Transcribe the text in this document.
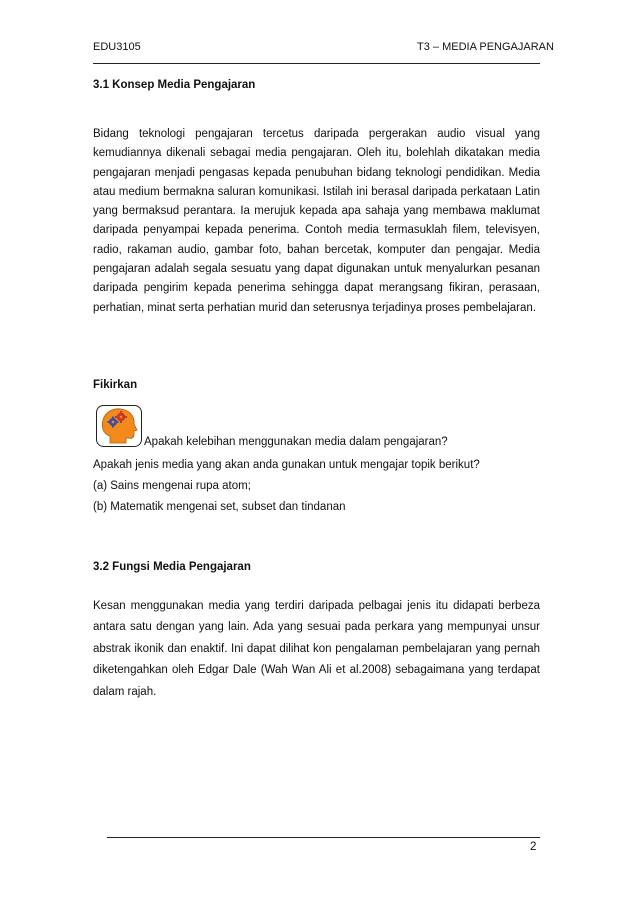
EDU3105	T3 – MEDIA PENGAJARAN
3.1 Konsep Media Pengajaran
Bidang teknologi pengajaran tercetus daripada pergerakan audio visual yang kemudiannya dikenali sebagai media pengajaran. Oleh itu, bolehlah dikatakan media pengajaran menjadi pengasas kepada penubuhan bidang teknologi pendidikan. Media atau medium bermakna saluran komunikasi. Istilah ini berasal daripada perkataan Latin yang bermaksud perantara. Ia merujuk kepada apa sahaja yang membawa maklumat daripada penyampai kepada penerima. Contoh media termasuklah filem, televisyen, radio, rakaman audio, gambar foto, bahan bercetak, komputer dan pengajar. Media pengajaran adalah segala sesuatu yang dapat digunakan untuk menyalurkan pesanan daripada pengirim kepada penerima sehingga dapat merangsang fikiran, perasaan, perhatian, minat serta perhatian murid dan seterusnya terjadinya proses pembelajaran.
Fikirkan
Apakah kelebihan menggunakan media dalam pengajaran?
Apakah jenis media yang akan anda gunakan untuk mengajar topik berikut?
(a) Sains mengenai rupa atom;
(b) Matematik mengenai set, subset dan tindanan
3.2 Fungsi Media Pengajaran
Kesan menggunakan media yang terdiri daripada pelbagai jenis itu didapati berbeza antara satu dengan yang lain. Ada yang sesuai pada perkara yang mempunyai unsur abstrak ikonik dan enaktif. Ini dapat dilihat kon pengalaman pembelajaran yang pernah diketengahkan oleh Edgar Dale (Wah Wan Ali et al.2008) sebagaimana yang terdapat dalam rajah.
2
